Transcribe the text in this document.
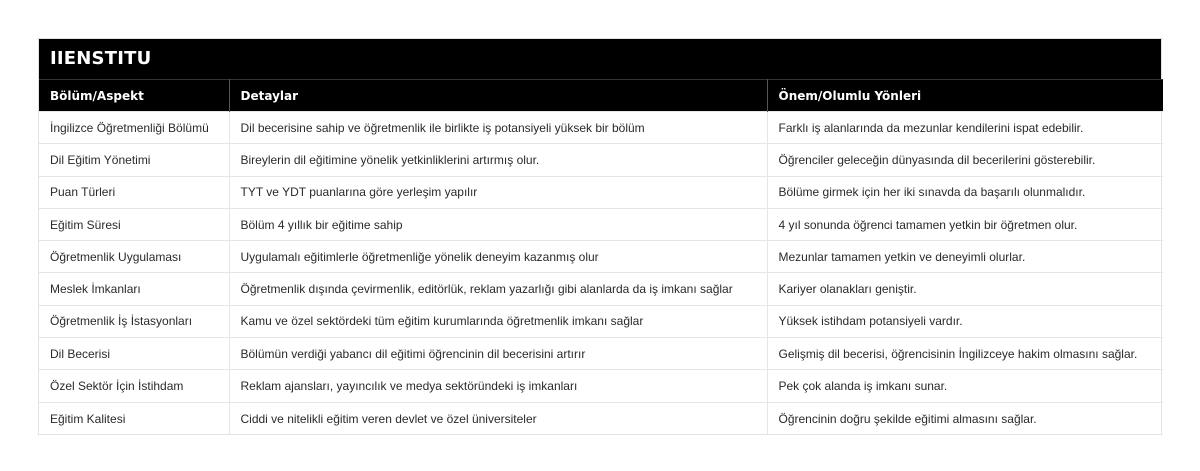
IIENSTITU
Bölüm/Aspekt	Detaylar	Önem/Olumlu Yönleri
İngilizce Öğretmenliği Bölümü	Dil becerisine sahip ve öğretmenlik ile birlikte iş potansiyeli yüksek bir bölüm	Farklı iş alanlarında da mezunlar kendilerini ispat edebilir.
Dil Eğitim Yönetimi	Bireylerin dil eğitimine yönelik yetkinliklerini artırmış olur.	Öğrenciler geleceğin dünyasında dil becerilerini gösterebilir.
Puan Türleri	TYT ve YDT puanlarına göre yerleşim yapılır	Bölüme girmek için her iki sınavda da başarılı olunmalıdır.
Eğitim Süresi	Bölüm 4 yıllık bir eğitime sahip	4 yıl sonunda öğrenci tamamen yetkin bir öğretmen olur.
Öğretmenlik Uygulaması	Uygulamalı eğitimlerle öğretmenliğe yönelik deneyim kazanmış olur	Mezunlar tamamen yetkin ve deneyimli olurlar.
Meslek İmkanları	Öğretmenlik dışında çevirmenlik, editörlük, reklam yazarlığı gibi alanlarda da iş imkanı sağlar	Kariyer olanakları geniştir.
Öğretmenlik İş İstasyonları	Kamu ve özel sektördeki tüm eğitim kurumlarında öğretmenlik imkanı sağlar	Yüksek istihdam potansiyeli vardır.
Dil Becerisi	Bölümün verdiği yabancı dil eğitimi öğrencinin dil becerisini artırır	Gelişmiş dil becerisi, öğrencisinin İngilizceye hakim olmasını sağlar.
Özel Sektör İçin İstihdam	Reklam ajansları, yayıncılık ve medya sektöründeki iş imkanları	Pek çok alanda iş imkanı sunar.
Eğitim Kalitesi	Ciddi ve nitelikli eğitim veren devlet ve özel üniversiteler	Öğrencinin doğru şekilde eğitimi almasını sağlar.
